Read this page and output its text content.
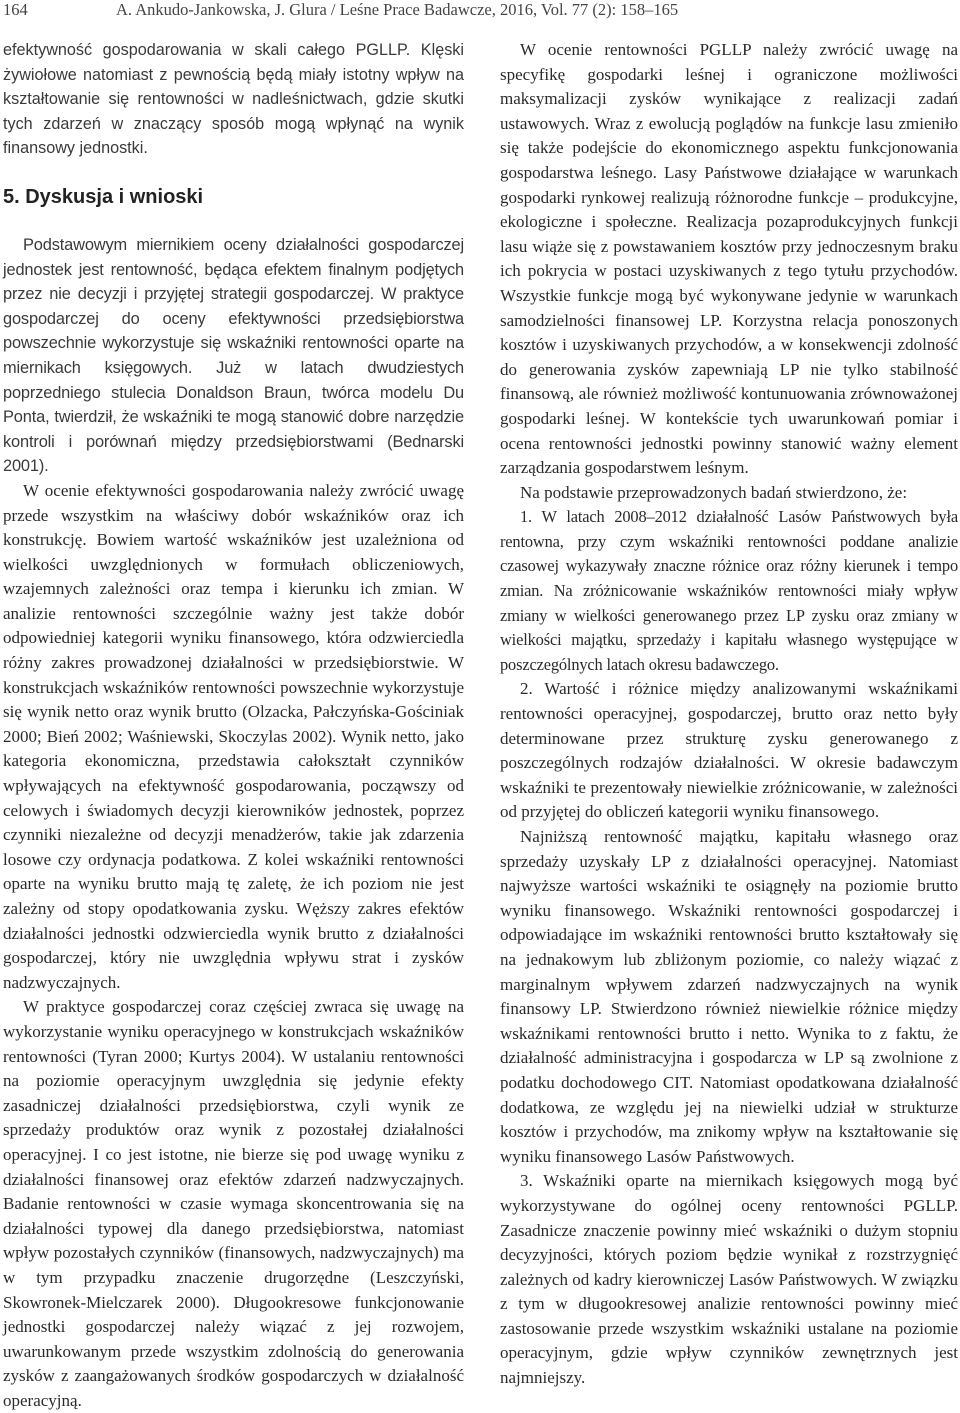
164	A. Ankudo-Jankowska, J. Glura / Leśne Prace Badawcze, 2016, Vol. 77 (2): 158–165

efektywność gospodarowania w skali całego PGLLP. Klęski żywiołowe natomiast z pewnością będą miały istotny wpływ na kształtowanie się rentowności w nadleśnictwach, gdzie skutki tych zdarzeń w znaczący sposób mogą wpłynąć na wynik finansowy jednostki.

5. Dyskusja i wnioski

Podstawowym miernikiem oceny działalności gospodarczej jednostek jest rentowność, będąca efektem finalnym podjętych przez nie decyzji i przyjętej strategii gospodarczej. W praktyce gospodarczej do oceny efektywności przedsiębiorstwa powszechnie wykorzystuje się wskaźniki rentowności oparte na miernikach księgowych. Już w latach dwudziestych poprzedniego stulecia Donaldson Braun, twórca modelu Du Ponta, twierdził, że wskaźniki te mogą stanowić dobre narzędzie kontroli i porównań między przedsiębiorstwami (Bednarski 2001).

W ocenie efektywności gospodarowania należy zwrócić uwagę przede wszystkim na właściwy dobór wskaźników oraz ich konstrukcję. Bowiem wartość wskaźników jest uzależniona od wielkości uwzględnionych w formułach obliczeniowych, wzajemnych zależności oraz tempa i kierunku ich zmian. W analizie rentowności szczególnie ważny jest także dobór odpowiedniej kategorii wyniku finansowego, która odzwierciedla różny zakres prowadzonej działalności w przedsiębiorstwie. W konstrukcjach wskaźników rentowności powszechnie wykorzystuje się wynik netto oraz wynik brutto (Olzacka, Pałczyńska-Gościniak 2000; Bień 2002; Waśniewski, Skoczylas 2002). Wynik netto, jako kategoria ekonomiczna, przedstawia całokształt czynników wpływających na efektywność gospodarowania, począwszy od celowych i świadomych decyzji kierowników jednostek, poprzez czynniki niezależne od decyzji menadżerów, takie jak zdarzenia losowe czy ordynacja podatkowa. Z kolei wskaźniki rentowności oparte na wyniku brutto mają tę zaletę, że ich poziom nie jest zależny od stopy opodatkowania zysku. Węższy zakres efektów działalności jednostki odzwierciedla wynik brutto z działalności gospodarczej, który nie uwzględnia wpływu strat i zysków nadzwyczajnych.

W praktyce gospodarczej coraz częściej zwraca się uwagę na wykorzystanie wyniku operacyjnego w konstrukcjach wskaźników rentowności (Tyran 2000; Kurtys 2004). W ustalaniu rentowności na poziomie operacyjnym uwzględnia się jedynie efekty zasadniczej działalności przedsiębiorstwa, czyli wynik ze sprzedaży produktów oraz wynik z pozostałej działalności operacyjnej. I co jest istotne, nie bierze się pod uwagę wyniku z działalności finansowej oraz efektów zdarzeń nadzwyczajnych. Badanie rentowności w czasie wymaga skoncentrowania się na działalności typowej dla danego przedsiębiorstwa, natomiast wpływ pozostałych czynników (finansowych, nadzwyczajnych) ma w tym przypadku znaczenie drugorzędne (Leszczyński, Skowronek-Mielczarek 2000). Długookresowe funkcjonowanie jednostki gospodarczej należy wiązać z jej rozwojem, uwarunkowanym przede wszystkim zdolnością do generowania zysków z zaangażowanych środków gospodarczych w działalność operacyjną.

W ocenie rentowności PGLLP należy zwrócić uwagę na specyfikę gospodarki leśnej i ograniczone możliwości maksymalizacji zysków wynikające z realizacji zadań ustawowych. Wraz z ewolucją poglądów na funkcje lasu zmieniło się także podejście do ekonomicznego aspektu funkcjonowania gospodarstwa leśnego. Lasy Państwowe działające w warunkach gospodarki rynkowej realizują różnorodne funkcje – produkcyjne, ekologiczne i społeczne. Realizacja pozaprodukcyjnych funkcji lasu wiąże się z powstawaniem kosztów przy jednoczesnym braku ich pokrycia w postaci uzyskiwanych z tego tytułu przychodów. Wszystkie funkcje mogą być wykonywane jedynie w warunkach samodzielności finansowej LP. Korzystna relacja ponoszonych kosztów i uzyskiwanych przychodów, a w konsekwencji zdolność do generowania zysków zapewniają LP nie tylko stabilność finansową, ale również możliwość kontunuowania zrównoważonej gospodarki leśnej. W kontekście tych uwarunkowań pomiar i ocena rentowności jednostki powinny stanowić ważny element zarządzania gospodarstwem leśnym.

Na podstawie przeprowadzonych badań stwierdzono, że:

1. W latach 2008–2012 działalność Lasów Państwowych była rentowna, przy czym wskaźniki rentowności poddane analizie czasowej wykazywały znaczne różnice oraz różny kierunek i tempo zmian. Na zróżnicowanie wskaźników rentowności miały wpływ zmiany w wielkości generowanego przez LP zysku oraz zmiany w wielkości majątku, sprzedaży i kapitału własnego występujące w poszczególnych latach okresu badawczego.

2. Wartość i różnice między analizowanymi wskaźnikami rentowności operacyjnej, gospodarczej, brutto oraz netto były determinowane przez strukturę zysku generowanego z poszczególnych rodzajów działalności. W okresie badawczym wskaźniki te prezentowały niewielkie zróżnicowanie, w zależności od przyjętej do obliczeń kategorii wyniku finansowego.

Najniższą rentowność majątku, kapitału własnego oraz sprzedaży uzyskały LP z działalności operacyjnej. Natomiast najwyższe wartości wskaźniki te osiągnęły na poziomie brutto wyniku finansowego. Wskaźniki rentowności gospodarczej i odpowiadające im wskaźniki rentowności brutto kształtowały się na jednakowym lub zbliżonym poziomie, co należy wiązać z marginalnym wpływem zdarzeń nadzwyczajnych na wynik finansowy LP. Stwierdzono również niewielkie różnice między wskaźnikami rentowności brutto i netto. Wynika to z faktu, że działalność administracyjna i gospodarcza w LP są zwolnione z podatku dochodowego CIT. Natomiast opodatkowana działalność dodatkowa, ze względu jej na niewielki udział w strukturze kosztów i przychodów, ma znikomy wpływ na kształtowanie się wyniku finansowego Lasów Państwowych.

3. Wskaźniki oparte na miernikach księgowych mogą być wykorzystywane do ogólnej oceny rentowności PGLLP. Zasadnicze znaczenie powinny mieć wskaźniki o dużym stopniu decyzyjności, których poziom będzie wynikał z rozstrzygnięć zależnych od kadry kierowniczej Lasów Państwowych. W związku z tym w długookresowej analizie rentowności powinny mieć zastosowanie przede wszystkim wskaźniki ustalane na poziomie operacyjnym, gdzie wpływ czynników zewnętrznych jest najmniejszy.
